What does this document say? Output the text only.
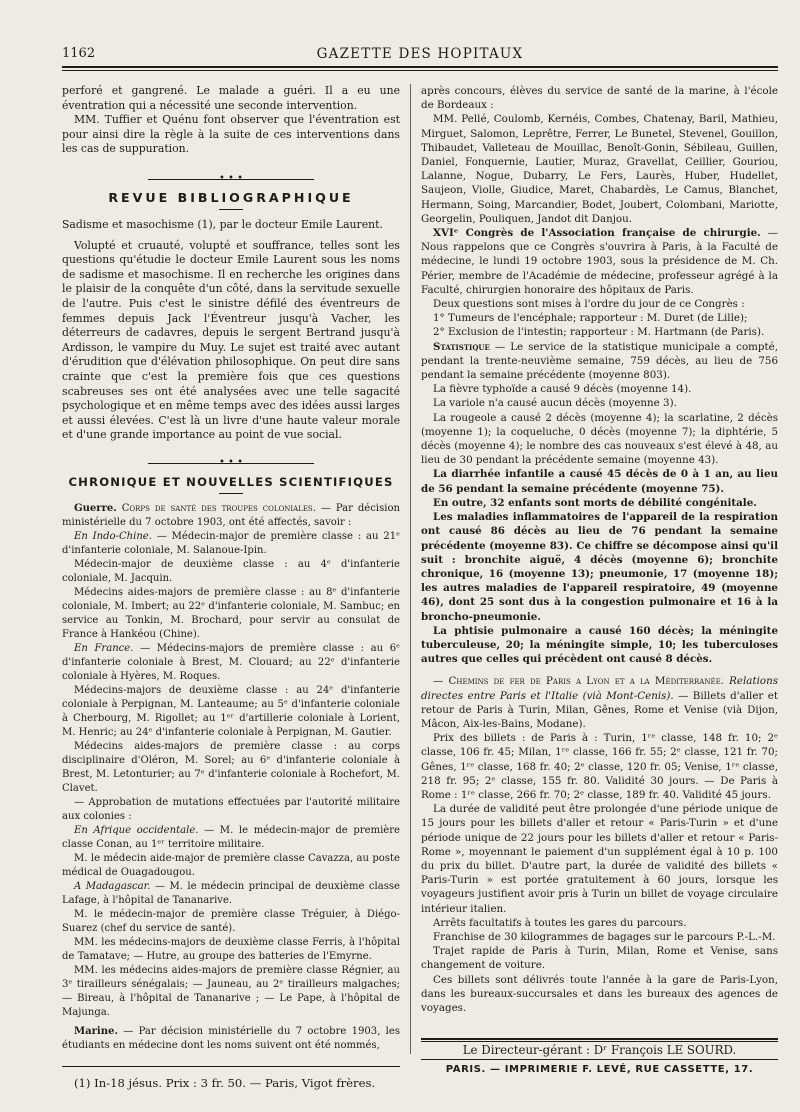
1162	GAZETTE DES HOPITAUX

perforé et gangrené. Le malade a guéri. Il a eu une éventration qui a nécessité une seconde intervention.

MM. Tuffier et Quénu font observer que l'éventration est pour ainsi dire la règle à la suite de ces interventions dans les cas de suppuration.

• • •
REVUE BIBLIOGRAPHIQUE

Sadisme et masochisme (1), par le docteur Emile Laurent.

Volupté et cruauté, volupté et souffrance, telles sont les questions qu'étudie le docteur Emile Laurent sous les noms de sadisme et masochisme. Il en recherche les origines dans le plaisir de la conquête d'un côté, dans la servitude sexuelle de l'autre. Puis c'est le sinistre défilé des éventreurs de femmes depuis Jack l'Éventreur jusqu'à Vacher, les déterreurs de cadavres, depuis le sergent Bertrand jusqu'à Ardisson, le vampire du Muy. Le sujet est traité avec autant d'érudition que d'élévation philosophique. On peut dire sans crainte que c'est la première fois que ces questions scabreuses ses ont été analysées avec une telle sagacité psychologique et en même temps avec des idées aussi larges et aussi élevées. C'est là un livre d'une haute valeur morale et d'une grande importance au point de vue social.

• • •
CHRONIQUE ET NOUVELLES SCIENTIFIQUES

Guerre. Corps de santé des troupes coloniales. — Par décision ministérielle du 7 octobre 1903, ont été affectés, savoir :

En Indo-Chine. — Médecin-major de première classe : au 21ᵉ d'infanterie coloniale, M. Salanoue-Ipin.

Médecin-major de deuxième classe : au 4ᵉ d'infanterie coloniale, M. Jacquin.

Médecins aides-majors de première classe : au 8ᵉ d'infanterie coloniale, M. Imbert; au 22ᵉ d'infanterie coloniale, M. Sambuc; en service au Tonkin, M. Brochard, pour servir au consulat de France à Hankéou (Chine).

En France. — Médecins-majors de première classe : au 6ᵉ d'infanterie coloniale à Brest, M. Clouard; au 22ᵉ d'infanterie coloniale à Hyères, M. Roques.

Médecins-majors de deuxième classe : au 24ᵉ d'infanterie coloniale à Perpignan, M. Lanteaume; au 5ᵉ d'infanterie coloniale à Cherbourg, M. Rigollet; au 1ᵉʳ d'artillerie coloniale à Lorient, M. Henric; au 24ᵉ d'infanterie coloniale à Perpignan, M. Gautier.

Médecins aides-majors de première classe : au corps disciplinaire d'Oléron, M. Sorel; au 6ᵉ d'infanterie coloniale à Brest, M. Letonturier; au 7ᵉ d'infanterie coloniale à Rochefort, M. Clavet.

— Approbation de mutations effectuées par l'autorité militaire aux colonies :

En Afrique occidentale. — M. le médecin-major de première classe Conan, au 1ᵉʳ territoire militaire.

M. le médecin aide-major de première classe Cavazza, au poste médical de Ouagadougou.

A Madagascar. — M. le médecin principal de deuxième classe Lafage, à l'hôpital de Tananarive.

M. le médecin-major de première classe Tréguier, à Diégo-Suarez (chef du service de santé).

MM. les médecins-majors de deuxième classe Ferris, à l'hôpital de Tamatave; — Hutre, au groupe des batteries de l'Emyrne.

MM. les médecins aides-majors de première classe Régnier, au 3ᵉ tirailleurs sénégalais; — Jauneau, au 2ᵉ tirailleurs malgaches; — Bireau, à l'hôpital de Tananarive ; — Le Pape, à l'hôpital de Majunga.

Marine. — Par décision ministérielle du 7 octobre 1903, les étudiants en médecine dont les noms suivent ont été nommés,

(1) In-18 jésus. Prix : 3 fr. 50. — Paris, Vigot frères.

après concours, élèves du service de santé de la marine, à l'école de Bordeaux :

MM. Pellé, Coulomb, Kernéis, Combes, Chatenay, Baril, Mathieu, Mirguet, Salomon, Leprêtre, Ferrer, Le Bunetel, Stevenel, Gouillon, Thibaudet, Valleteau de Mouillac, Benoît-Gonin, Sébileau, Guillen, Daniel, Fonquernie, Lautier, Muraz, Gravellat, Ceillier, Gouriou, Lalanne, Nogue, Dubarry, Le Fers, Laurès, Huber, Hudellet, Saujeon, Violle, Giudice, Maret, Chabardès, Le Camus, Blanchet, Hermann, Soing, Marcandier, Bodet, Joubert, Colombani, Mariotte, Georgelin, Pouliquen, Jandot dit Danjou.

XVIᵉ Congrès de l'Association française de chirurgie. — Nous rappelons que ce Congrès s'ouvrira à Paris, à la Faculté de médecine, le lundi 19 octobre 1903, sous la présidence de M. Ch. Périer, membre de l'Académie de médecine, professeur agrégé à la Faculté, chirurgien honoraire des hôpitaux de Paris.

Deux questions sont mises à l'ordre du jour de ce Congrès :

1° Tumeurs de l'encéphale; rapporteur : M. Duret (de Lille);

2° Exclusion de l'intestin; rapporteur : M. Hartmann (de Paris).

Statistique — Le service de la statistique municipale a compté, pendant la trente-neuvième semaine, 759 décès, au lieu de 756 pendant la semaine précédente (moyenne 803).

La fièvre typhoïde a causé 9 décès (moyenne 14).

La variole n'a causé aucun décès (moyenne 3).

La rougeole a causé 2 décès (moyenne 4); la scarlatine, 2 décès (moyenne 1); la coqueluche, 0 décès (moyenne 7); la diphtérie, 5 décès (moyenne 4); le nombre des cas nouveaux s'est élevé à 48, au lieu de 30 pendant la précédente semaine (moyenne 43).

La diarrhée infantile a causé 45 décès de 0 à 1 an, au lieu de 56 pendant la semaine précédente (moyenne 75).

En outre, 32 enfants sont morts de débilité congénitale.

Les maladies inflammatoires de l'appareil de la respiration ont causé 86 décès au lieu de 76 pendant la semaine précédente (moyenne 83). Ce chiffre se décompose ainsi qu'il suit : bronchite aiguë, 4 décès (moyenne 6); bronchite chronique, 16 (moyenne 13); pneumonie, 17 (moyenne 18); les autres maladies de l'appareil respiratoire, 49 (moyenne 46), dont 25 sont dus à la congestion pulmonaire et 16 à la broncho-pneumonie.

La phtisie pulmonaire a causé 160 décès; la méningite tuberculeuse, 20; la méningite simple, 10; les tuberculoses autres que celles qui précèdent ont causé 8 décès.

— Chemins de fer de Paris a Lyon et a la Méditerranée. Relations directes entre Paris et l'Italie (vià Mont-Cenis). — Billets d'aller et retour de Paris à Turin, Milan, Gênes, Rome et Venise (vià Dijon, Mâcon, Aix-les-Bains, Modane).

Prix des billets : de Paris à : Turin, 1ʳᵉ classe, 148 fr. 10; 2ᵉ classe, 106 fr. 45; Milan, 1ʳᵉ classe, 166 fr. 55; 2ᵉ classe, 121 fr. 70; Gênes, 1ʳᵉ classe, 168 fr. 40; 2ᵉ classe, 120 fr. 05; Venise, 1ʳᵉ classe, 218 fr. 95; 2ᵉ classe, 155 fr. 80. Validité 30 jours. — De Paris à Rome : 1ʳᵉ classe, 266 fr. 70; 2ᵉ classe, 189 fr. 40. Validité 45 jours.

La durée de validité peut être prolongée d'une période unique de 15 jours pour les billets d'aller et retour « Paris-Turin » et d'une période unique de 22 jours pour les billets d'aller et retour « Paris-Rome », moyennant le paiement d'un supplément égal à 10 p. 100 du prix du billet. D'autre part, la durée de validité des billets « Paris-Turin » est portée gratuitement à 60 jours, lorsque les voyageurs justifient avoir pris à Turin un billet de voyage circulaire intérieur italien.

Arrêts facultatifs à toutes les gares du parcours.

Franchise de 30 kilogrammes de bagages sur le parcours P.-L.-M.

Trajet rapide de Paris à Turin, Milan, Rome et Venise, sans changement de voiture.

Ces billets sont délivrés toute l'année à la gare de Paris-Lyon, dans les bureaux-succursales et dans les bureaux des agences de voyages.

Le Directeur-gérant : Dʳ François LE SOURD.
PARIS. — IMPRIMERIE F. LEVÉ, RUE CASSETTE, 17.
